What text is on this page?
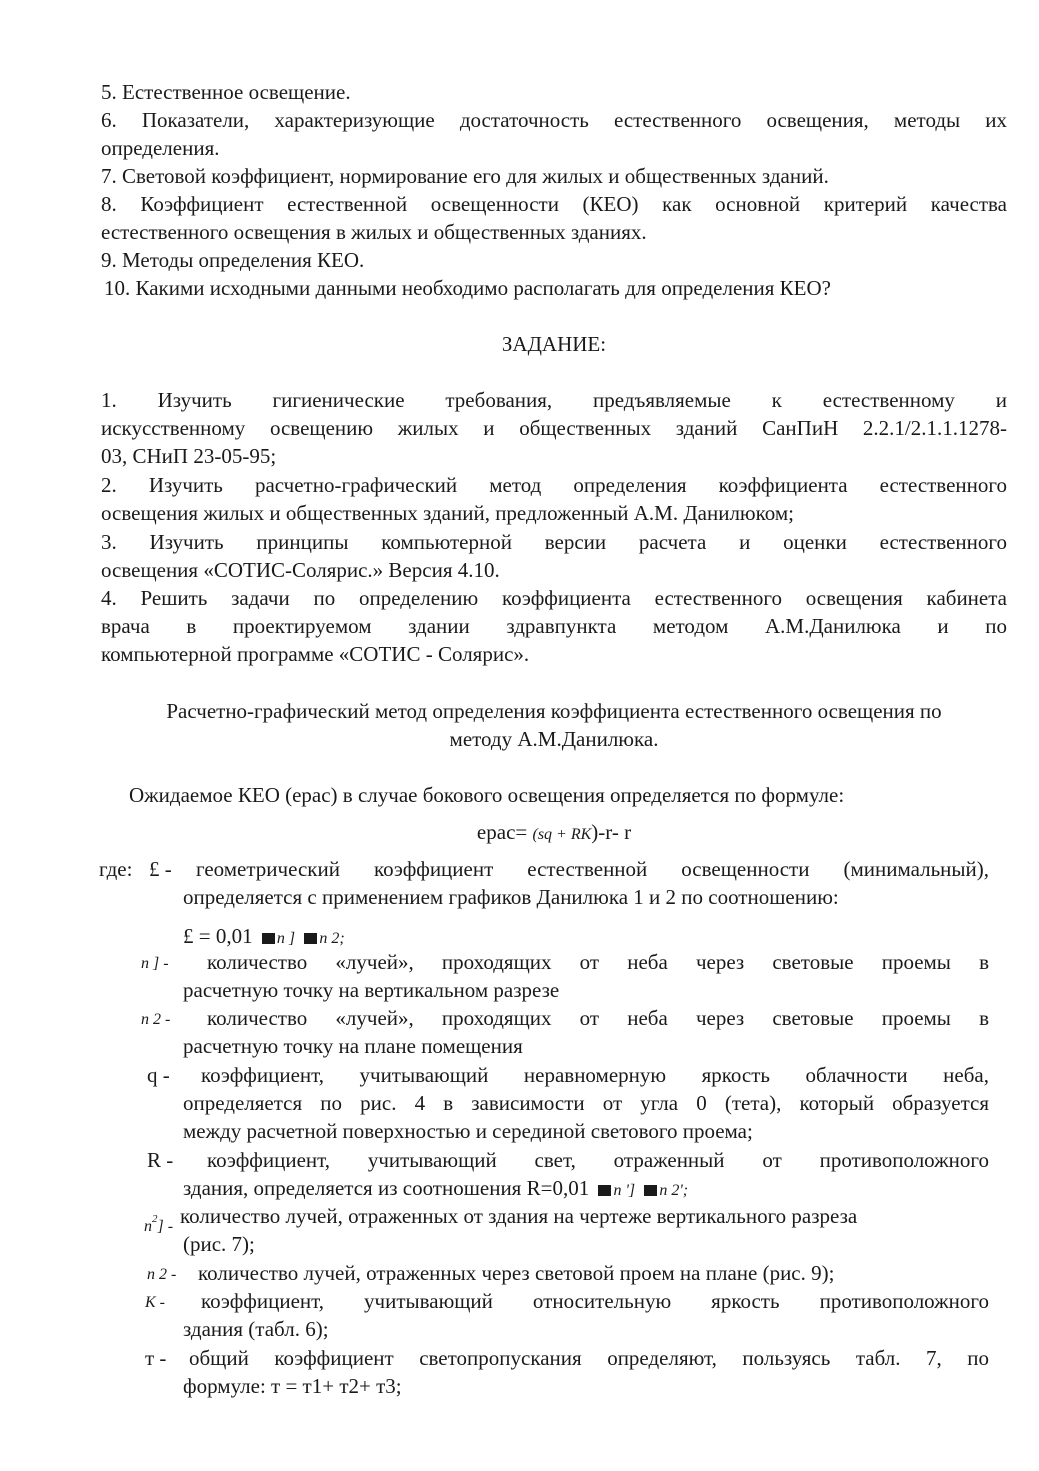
5. Естественное освещение.
6. Показатели, характеризующие достаточность естественного освещения, методы их
определения.
7. Световой коэффициент, нормирование его для жилых и общественных зданий.
8. Коэффициент естественной освещенности (КЕО) как основной критерий качества
естественного освещения в жилых и общественных зданиях.
9. Методы определения КЕО.
10. Какими исходными данными необходимо располагать для определения КЕО?
ЗАДАНИЕ:
1. Изучить гигиенические требования, предъявляемые к естественному и
искусственному освещению жилых и общественных зданий СанПиН 2.2.1/2.1.1.1278-
03, СНиП 23-05-95;
2. Изучить расчетно-графический метод определения коэффициента естественного
освещения жилых и общественных зданий, предложенный А.М. Данилюком;
3. Изучить принципы компьютерной версии расчета и оценки естественного
освещения «СОТИС-Солярис.» Версия 4.10.
4. Решить задачи по определению коэффициента естественного освещения кабинета
врача в проектируемом здании здравпункта методом А.М.Данилюка и по
компьютерной программе «СОТИС - Солярис».
Расчетно-графический метод определения коэффициента естественного освещения по
методу А.М.Данилюка.
Ожидаемое КЕО (ерас) в случае бокового освещения определяется по формуле:
ерас= (sq + RK)-r- r
где: £ - геометрический коэффициент естественной освещенности (минимальный),
определяется с применением графиков Данилюка 1 и 2 по соотношению:
£ = 0,01 n ] n 2;
n ] - количество «лучей», проходящих от неба через световые проемы в
расчетную точку на вертикальном разрезе
n 2 - количество «лучей», проходящих от неба через световые проемы в
расчетную точку на плане помещения
q - коэффициент, учитывающий неравномерную яркость облачности неба,
определяется по рис. 4 в зависимости от угла 0 (тета), который образуется
между расчетной поверхностью и серединой светового проема;
R - коэффициент, учитывающий свет, отраженный от противоположного
здания, определяется из соотношения R=0,01 n '] n 2';
$n^2$] - количество лучей, отраженных от здания на чертеже вертикального разреза
(рис. 7);
n 2 - количество лучей, отраженных через световой проем на плане (рис. 9);
К - коэффициент, учитывающий относительную яркость противоположного
здания (табл. 6);
т - общий коэффициент светопропускания определяют, пользуясь табл. 7, по
формуле: т = т1+ т2+ т3;
